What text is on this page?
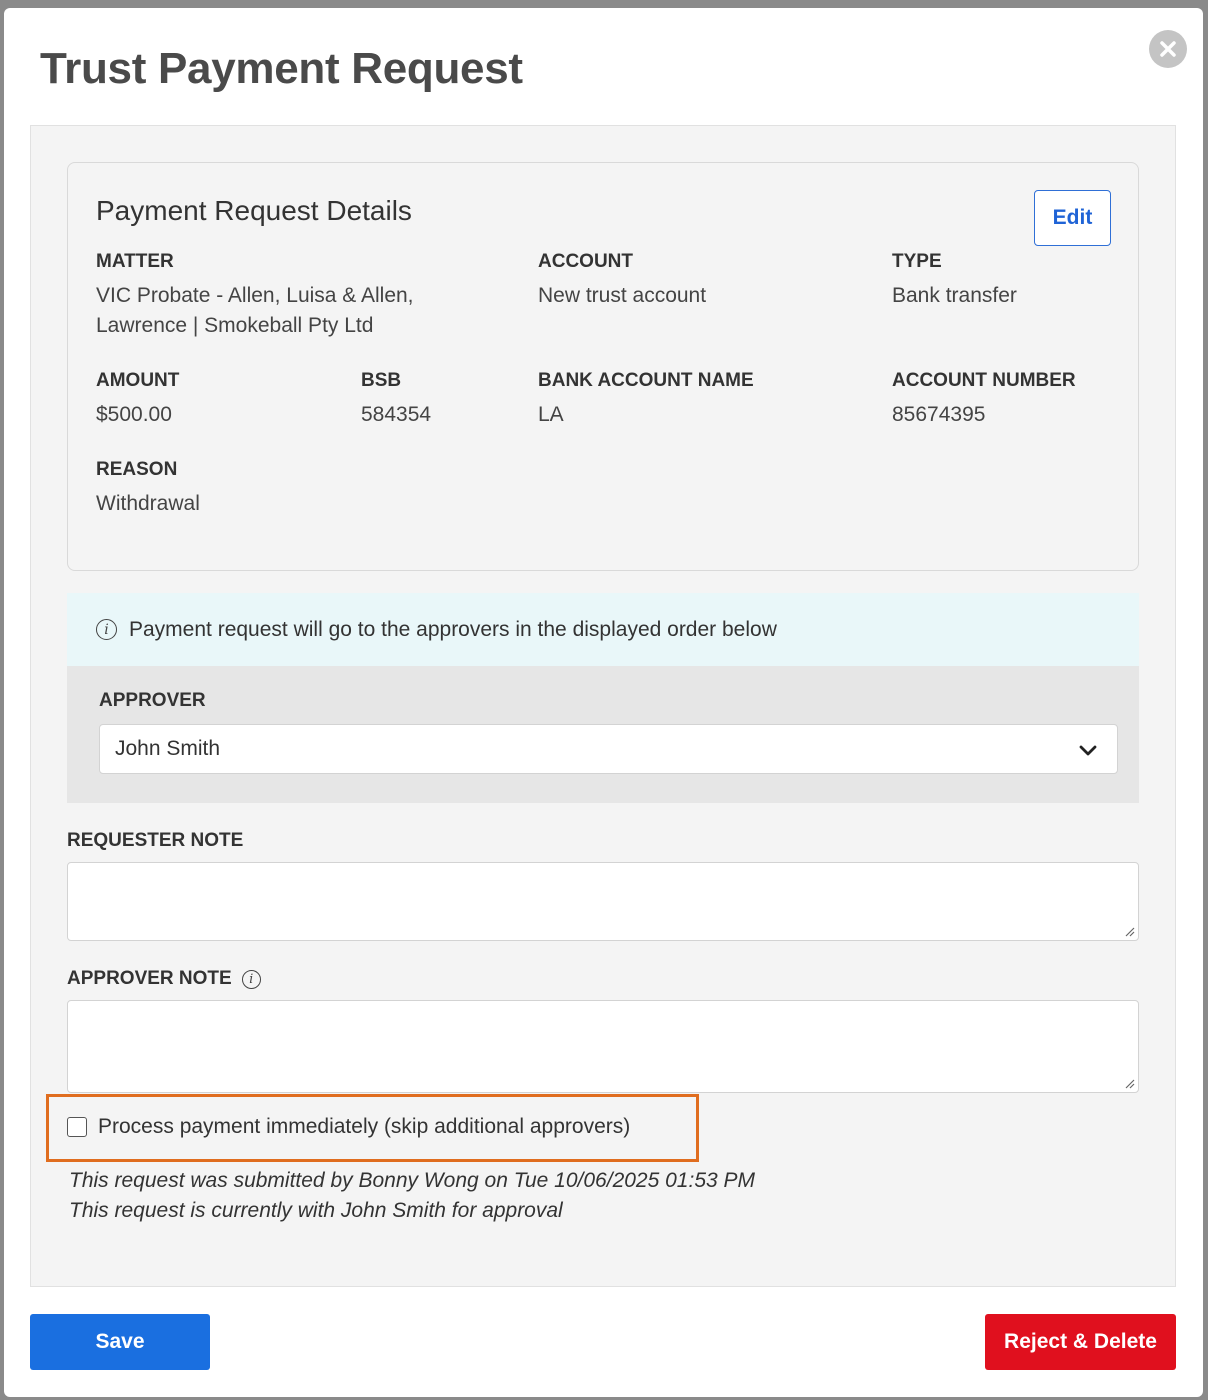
Trust Payment Request
Payment Request Details	Edit
MATTER
VIC Probate - Allen, Luisa & Allen,
Lawrence | Smokeball Pty Ltd
ACCOUNT
New trust account
TYPE
Bank transfer
AMOUNT
$500.00
BSB
584354
BANK ACCOUNT NAME
LA
ACCOUNT NUMBER
85674395
REASON
Withdrawal
i Payment request will go to the approvers in the displayed order below
APPROVER
John Smith
REQUESTER NOTE
APPROVER NOTE	i
Process payment immediately (skip additional approvers)
This request was submitted by Bonny Wong on Tue 10/06/2025 01:53 PM
This request is currently with John Smith for approval
Save	Reject & Delete
